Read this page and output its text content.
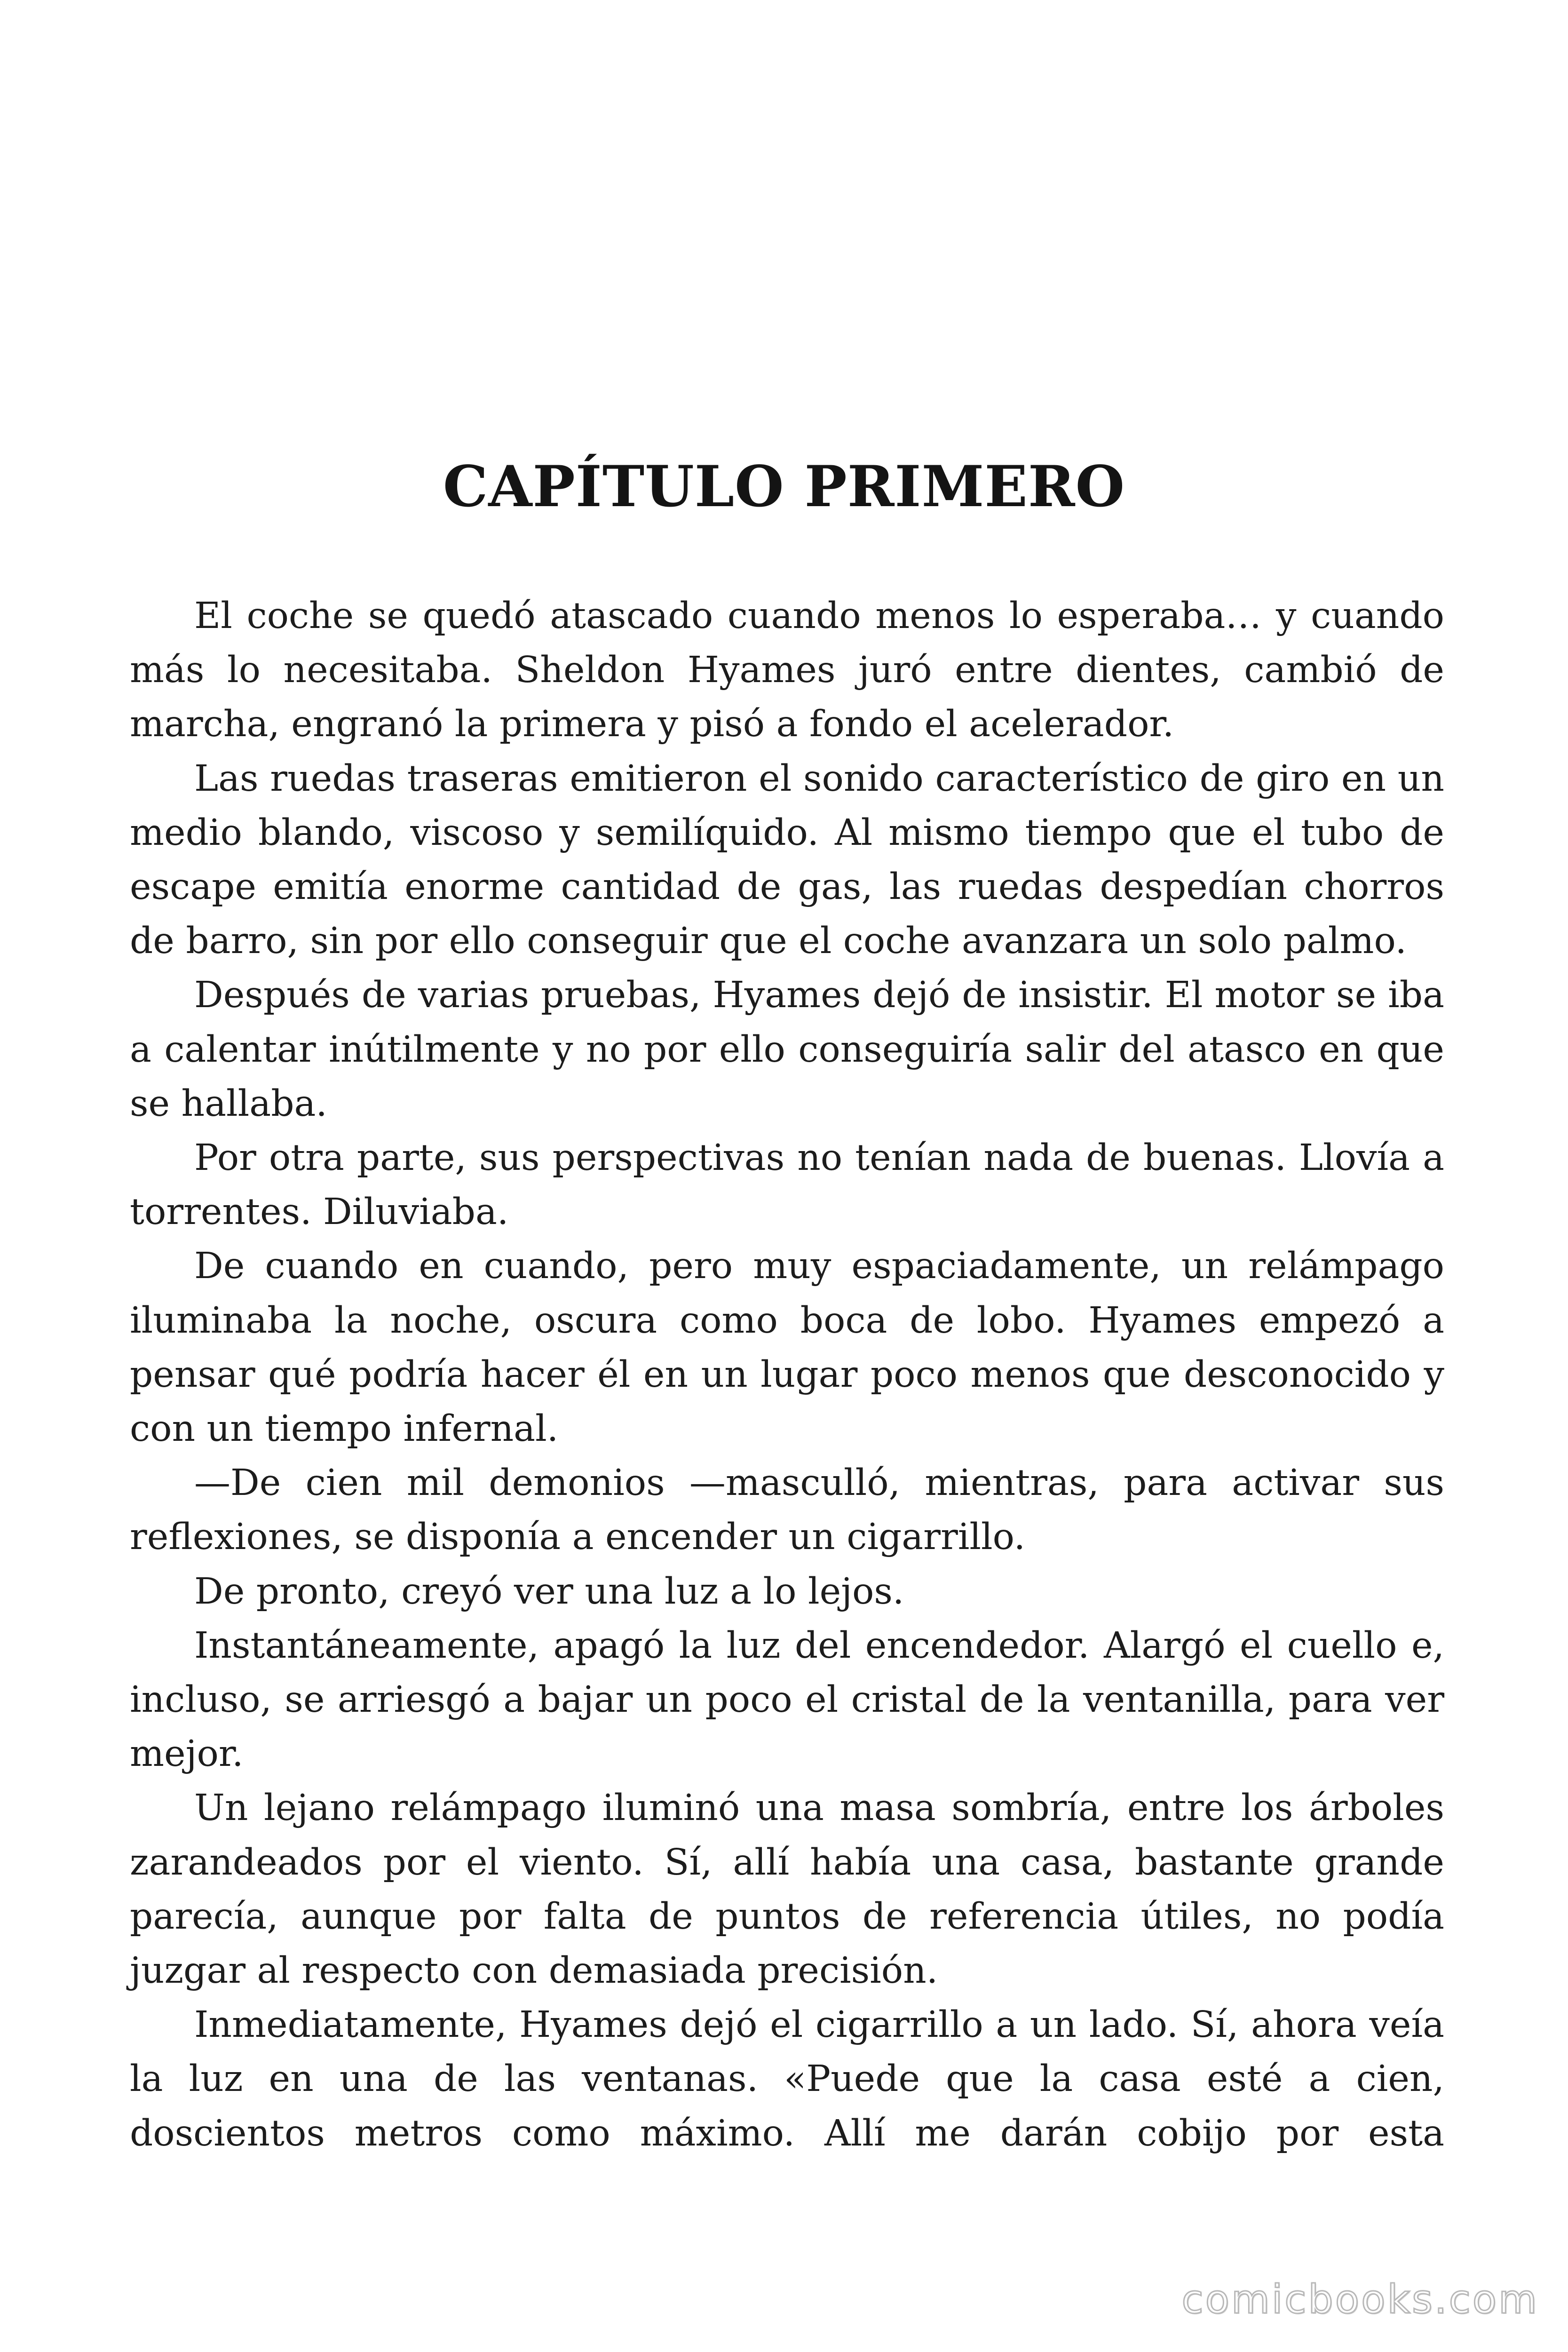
CAPÍTULO PRIMERO

El coche se quedó atascado cuando menos lo esperaba… y cuando más lo necesitaba. Sheldon Hyames juró entre dientes, cambió de marcha, engranó la primera y pisó a fondo el acelerador.

Las ruedas traseras emitieron el sonido característico de giro en un medio blando, viscoso y semilíquido. Al mismo tiempo que el tubo de escape emitía enorme cantidad de gas, las ruedas despedían chorros de barro, sin por ello conseguir que el coche avanzara un solo palmo.

Después de varias pruebas, Hyames dejó de insistir. El motor se iba a calentar inútilmente y no por ello conseguiría salir del atasco en que se hallaba.

Por otra parte, sus perspectivas no tenían nada de buenas. Llovía a torrentes. Diluviaba.

De cuando en cuando, pero muy espaciadamente, un relámpago iluminaba la noche, oscura como boca de lobo. Hyames empezó a pensar qué podría hacer él en un lugar poco menos que desconocido y con un tiempo infernal.

—De cien mil demonios —masculló, mientras, para activar sus reflexiones, se disponía a encender un cigarrillo.

De pronto, creyó ver una luz a lo lejos.

Instantáneamente, apagó la luz del encendedor. Alargó el cuello e, incluso, se arriesgó a bajar un poco el cristal de la ventanilla, para ver mejor.

Un lejano relámpago iluminó una masa sombría, entre los árboles zarandeados por el viento. Sí, allí había una casa, bastante grande parecía, aunque por falta de puntos de referencia útiles, no podía juzgar al respecto con demasiada precisión.

Inmediatamente, Hyames dejó el cigarrillo a un lado. Sí, ahora veía la luz en una de las ventanas. «Puede que la casa esté a cien, doscientos metros como máximo. Allí me darán cobijo por esta

comicbooks.com
